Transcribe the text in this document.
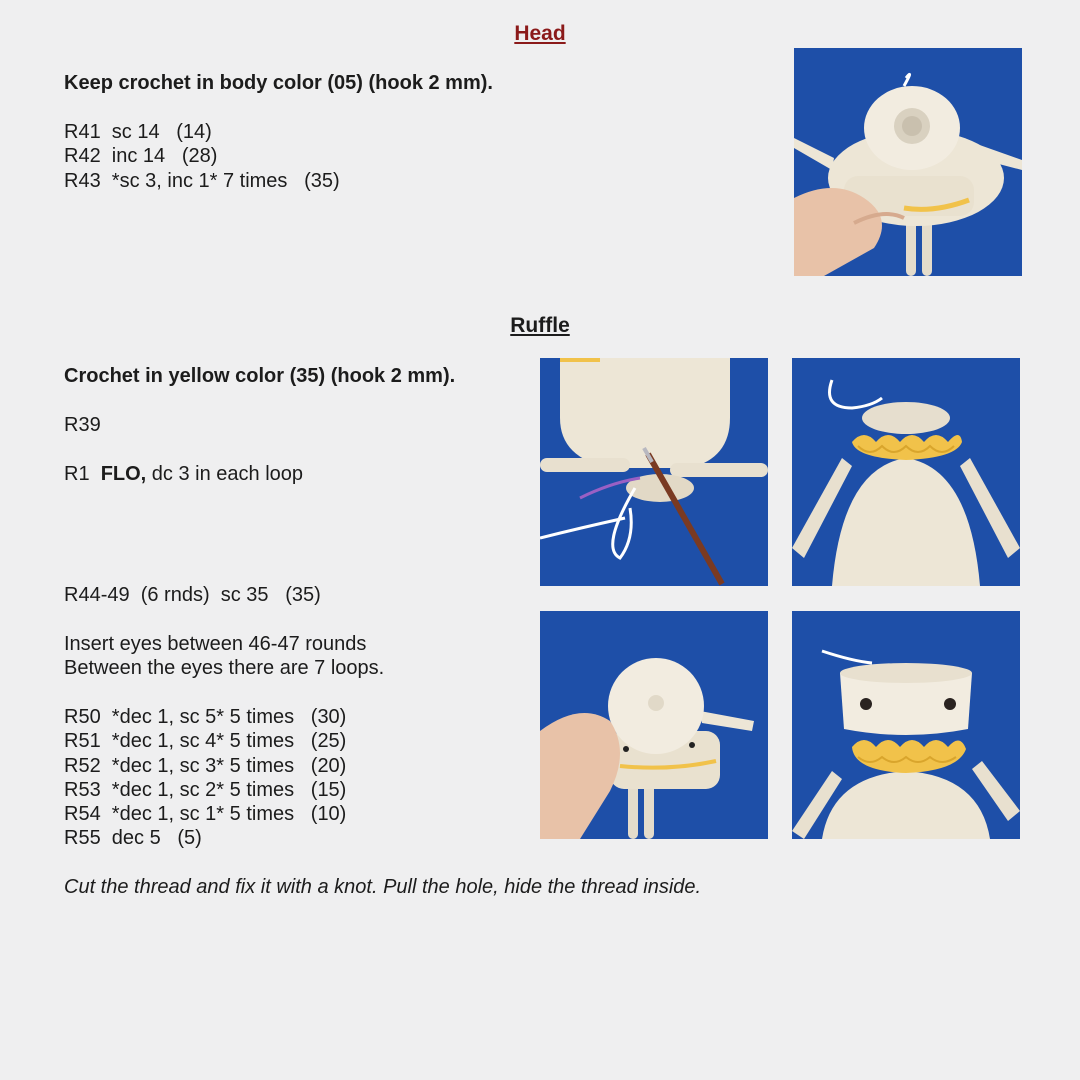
Head
Keep crochet in body color (05) (hook 2 mm).
R41  sc 14   (14)
R42  inc 14   (28)
R43  *sc 3, inc 1* 7 times   (35)
Ruffle
Crochet in yellow color (35) (hook 2 mm).
R39
R1  FLO, dc 3 in each loop
R44-49  (6 rnds)  sc 35   (35)
Insert eyes between 46-47 rounds
Between the eyes there are 7 loops.
R50  *dec 1, sc 5* 5 times   (30)
R51  *dec 1, sc 4* 5 times   (25)
R52  *dec 1, sc 3* 5 times   (20)
R53  *dec 1, sc 2* 5 times   (15)
R54  *dec 1, sc 1* 5 times   (10)
R55  dec 5   (5)
Cut the thread and fix it with a knot. Pull the hole, hide the thread inside.
